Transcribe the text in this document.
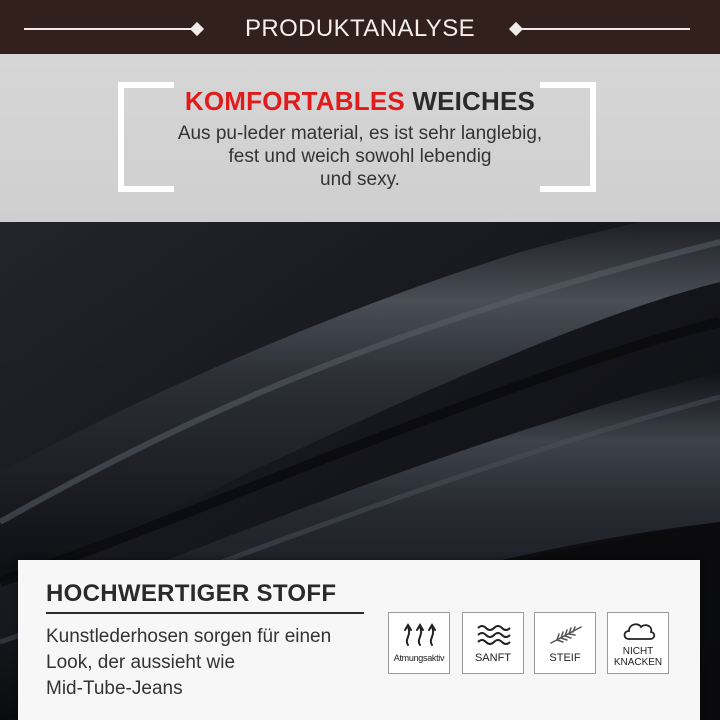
PRODUKTANALYSE
KOMFORTABLES WEICHES
Aus pu-leder material, es ist sehr langlebig,
fest und weich sowohl lebendig
und sexy.
HOCHWERTIGER STOFF
Kunstlederhosen sorgen für einen
Look, der aussieht wie
Mid-Tube-Jeans
Atmungsaktiv	SANFT	STEIF
NICHT
KNACKEN
